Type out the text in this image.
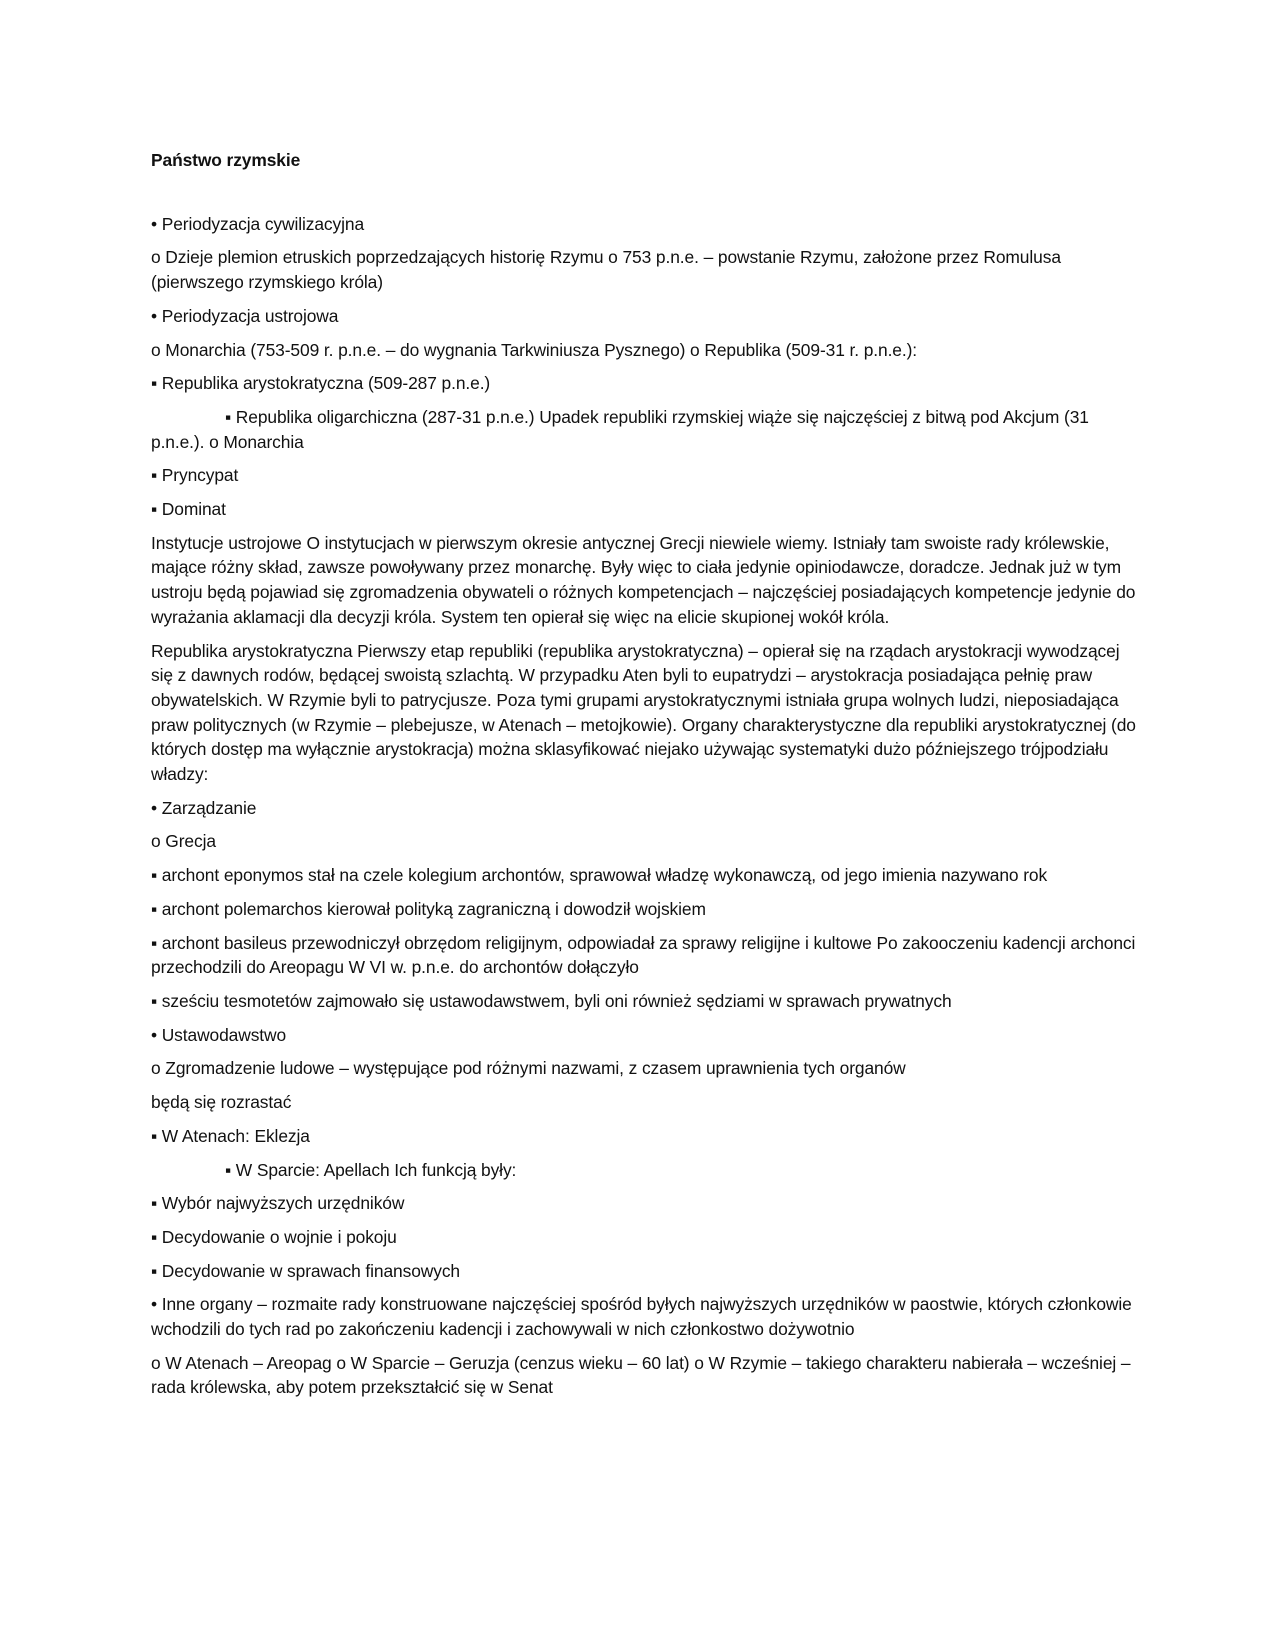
Państwo rzymskie
• Periodyzacja cywilizacyjna
o Dzieje plemion etruskich poprzedzających historię Rzymu o 753 p.n.e. – powstanie Rzymu, założone przez Romulusa (pierwszego rzymskiego króla)
• Periodyzacja ustrojowa
o Monarchia (753-509 r. p.n.e. – do wygnania Tarkwiniusza Pysznego) o Republika (509-31 r. p.n.e.):
▪ Republika arystokratyczna (509-287 p.n.e.)
▪ Republika oligarchiczna (287-31 p.n.e.) Upadek republiki rzymskiej wiąże się najczęściej z bitwą pod Akcjum (31 p.n.e.). o Monarchia
▪ Pryncypat
▪ Dominat
Instytucje ustrojowe O instytucjach w pierwszym okresie antycznej Grecji niewiele wiemy. Istniały tam swoiste rady królewskie, mające różny skład, zawsze powoływany przez monarchę. Były więc to ciała jedynie opiniodawcze, doradcze. Jednak już w tym ustroju będą pojawiad się zgromadzenia obywateli o różnych kompetencjach – najczęściej posiadających kompetencje jedynie do wyrażania aklamacji dla decyzji króla. System ten opierał się więc na elicie skupionej wokół króla.
Republika arystokratyczna Pierwszy etap republiki (republika arystokratyczna) – opierał się na rządach arystokracji wywodzącej się z dawnych rodów, będącej swoistą szlachtą. W przypadku Aten byli to eupatrydzi – arystokracja posiadająca pełnię praw obywatelskich. W Rzymie byli to patrycjusze. Poza tymi grupami arystokratycznymi istniała grupa wolnych ludzi, nieposiadająca praw politycznych (w Rzymie – plebejusze, w Atenach – metojkowie). Organy charakterystyczne dla republiki arystokratycznej (do których dostęp ma wyłącznie arystokracja) można sklasyfikować niejako używając systematyki dużo późniejszego trójpodziału władzy:
• Zarządzanie
o Grecja
▪ archont eponymos stał na czele kolegium archontów, sprawował władzę wykonawczą, od jego imienia nazywano rok
▪ archont polemarchos kierował polityką zagraniczną i dowodził wojskiem
▪ archont basileus przewodniczył obrzędom religijnym, odpowiadał za sprawy religijne i kultowe Po zakooczeniu kadencji archonci przechodzili do Areopagu W VI w. p.n.e. do archontów dołączyło
▪ sześciu tesmotetów zajmowało się ustawodawstwem, byli oni również sędziami w sprawach prywatnych
• Ustawodawstwo
o Zgromadzenie ludowe – występujące pod różnymi nazwami, z czasem uprawnienia tych organów
będą się rozrastać
▪ W Atenach: Eklezja
▪ W Sparcie: Apellach Ich funkcją były:
▪ Wybór najwyższych urzędników
▪ Decydowanie o wojnie i pokoju
▪ Decydowanie w sprawach finansowych
• Inne organy – rozmaite rady konstruowane najczęściej spośród byłych najwyższych urzędników w paostwie, których członkowie wchodzili do tych rad po zakończeniu kadencji i zachowywali w nich członkostwo dożywotnio
o W Atenach – Areopag o W Sparcie – Geruzja (cenzus wieku – 60 lat) o W Rzymie – takiego charakteru nabierała – wcześniej – rada królewska, aby potem przekształcić się w Senat
